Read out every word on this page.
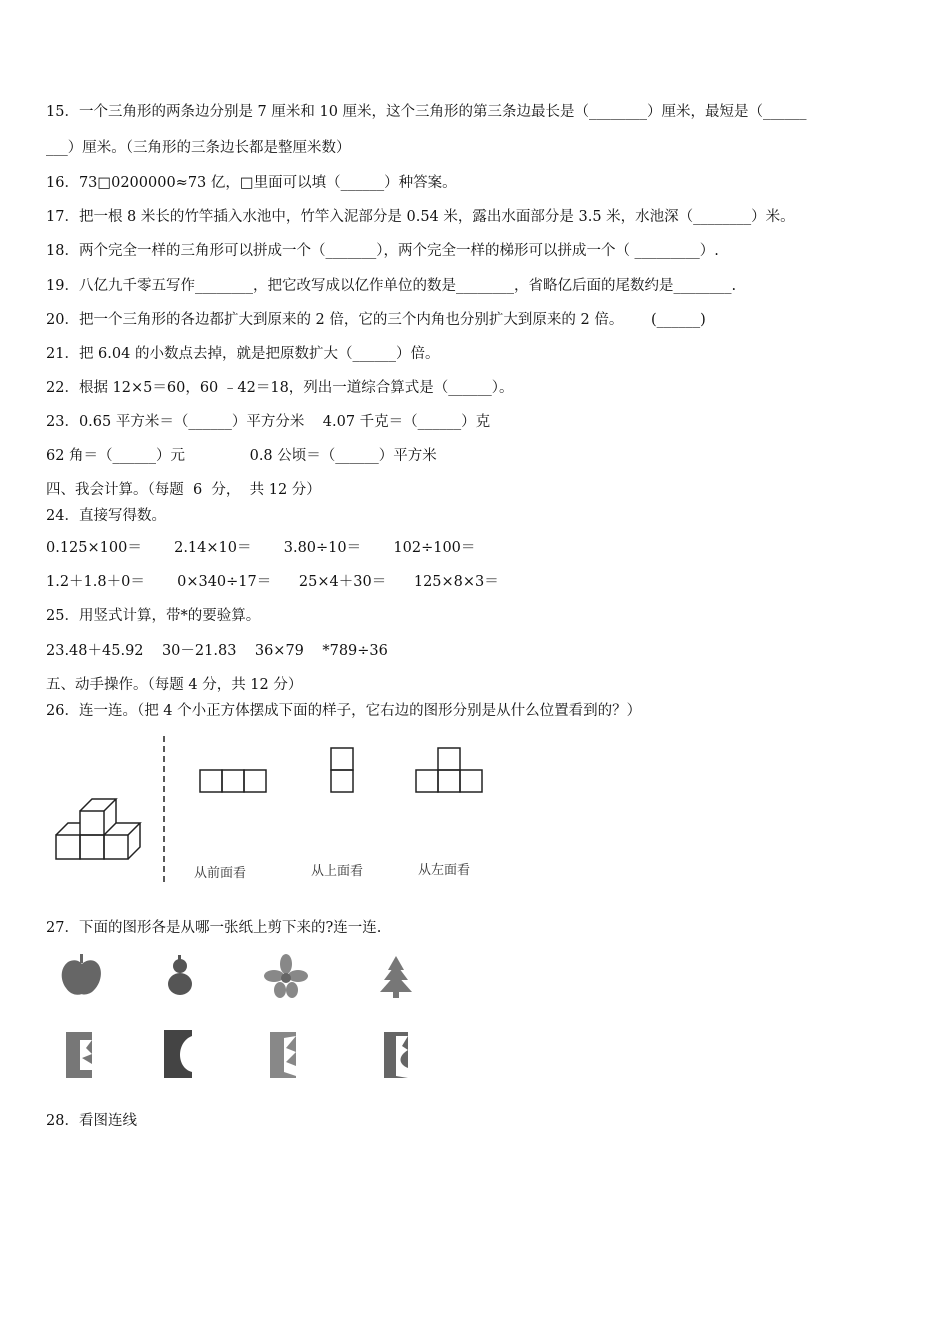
15．一个三角形的两条边分别是 7 厘米和 10 厘米，这个三角形的第三条边最长是（________）厘米，最短是（______
___）厘米。（三角形的三条边长都是整厘米数）
16．73□0200000≈73 亿，□里面可以填（______）种答案。
17．把一根 8 米长的竹竿插入水池中，竹竿入泥部分是 0.54 米，露出水面部分是 3.5 米，水池深（________）米。
18．两个完全一样的三角形可以拼成一个（_______），两个完全一样的梯形可以拼成一个（ _________）.
19．八亿九千零五写作________，把它改写成以亿作单位的数是________，省略亿后面的尾数约是________.
20．把一个三角形的各边都扩大到原来的 2 倍，它的三个内角也分别扩大到原来的 2 倍。      (______)
21．把 6.04 的小数点去掉，就是把原数扩大（______）倍。
22．根据 12×5＝60，60 ﹣42＝18，列出一道综合算式是（______）。
23．0.65 平方米＝（______）平方分米    4.07 千克＝（______）克
62 角＝（______）元              0.8 公顷＝（______）平方米
四、我会计算。（每题  6  分，  共 12 分）
24．直接写得数。
0.125×100＝       2.14×10＝       3.80÷10＝       102÷100＝
1.2＋1.8＋0＝       0×340÷17＝      25×4＋30＝      125×8×3＝
25．用竖式计算，带*的要验算。
23.48＋45.92    30－21.83    36×79    *789÷36
五、动手操作。（每题 4 分，共 12 分）
26．连一连。（把 4 个小正方体摆成下面的样子，它右边的图形分别是从什么位置看到的？）
从前面看	从上面看	从左面看
27．下面的图形各是从哪一张纸上剪下来的?连一连.
28．看图连线
